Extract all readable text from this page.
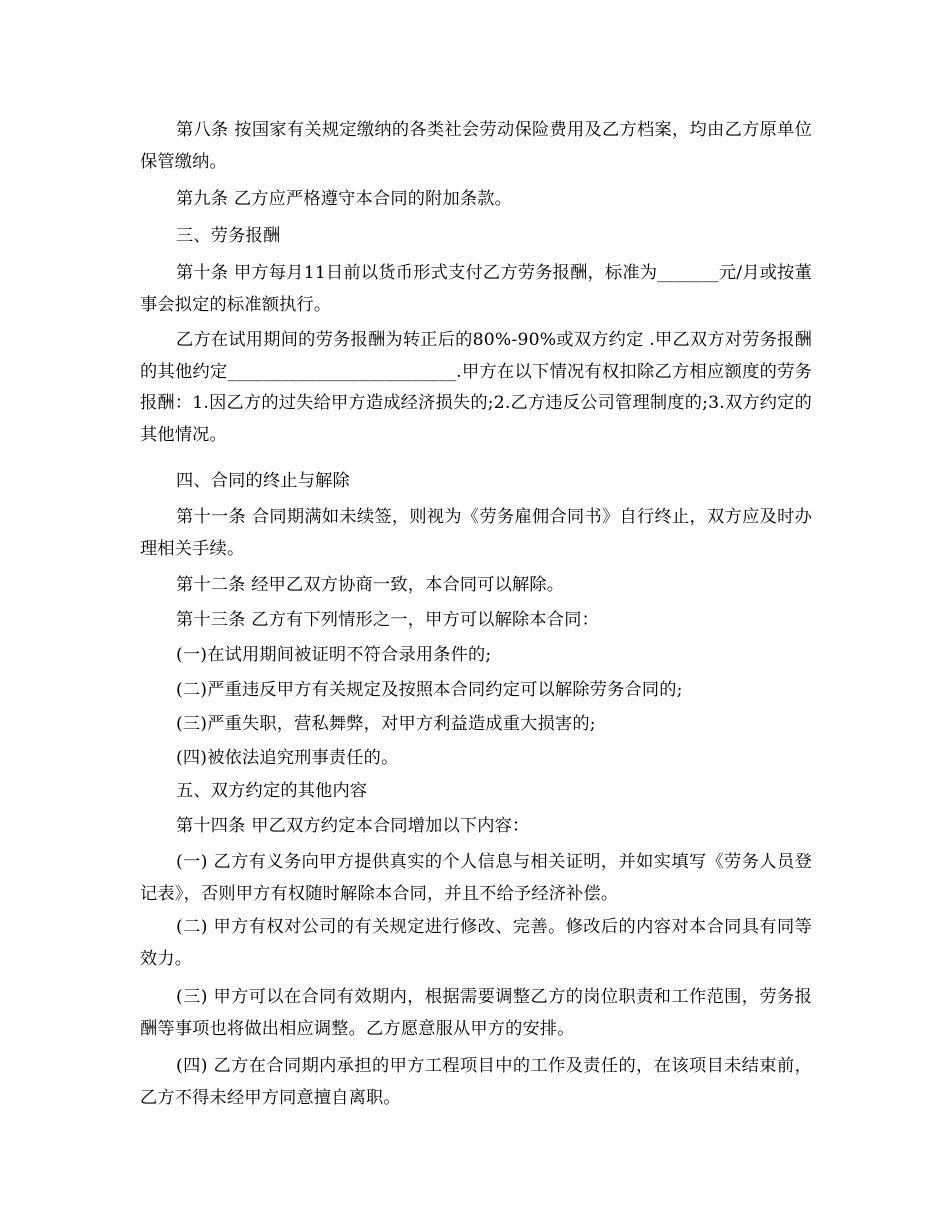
第八条 按国家有关规定缴纳的各类社会劳动保险费用及乙方档案，均由乙方原单位保管缴纳。
第九条 乙方应严格遵守本合同的附加条款。
三、劳务报酬
第十条 甲方每月11日前以货币形式支付乙方劳务报酬，标准为_______元/月或按董事会拟定的标准额执行。
乙方在试用期间的劳务报酬为转正后的80%-90%或双方约定 .甲乙双方对劳务报酬的其他约定__________________________.甲方在以下情况有权扣除乙方相应额度的劳务报酬：1.因乙方的过失给甲方造成经济损失的;2.乙方违反公司管理制度的;3.双方约定的其他情况。
四、合同的终止与解除
第十一条 合同期满如未续签，则视为《劳务雇佣合同书》自行终止，双方应及时办理相关手续。
第十二条 经甲乙双方协商一致，本合同可以解除。
第十三条 乙方有下列情形之一，甲方可以解除本合同：
(一)在试用期间被证明不符合录用条件的;
(二)严重违反甲方有关规定及按照本合同约定可以解除劳务合同的;
(三)严重失职，营私舞弊，对甲方利益造成重大损害的;
(四)被依法追究刑事责任的。
五、双方约定的其他内容
第十四条 甲乙双方约定本合同增加以下内容：
(一) 乙方有义务向甲方提供真实的个人信息与相关证明，并如实填写《劳务人员登记表》，否则甲方有权随时解除本合同，并且不给予经济补偿。
(二) 甲方有权对公司的有关规定进行修改、完善。修改后的内容对本合同具有同等效力。
(三) 甲方可以在合同有效期内，根据需要调整乙方的岗位职责和工作范围，劳务报酬等事项也将做出相应调整。乙方愿意服从甲方的安排。
(四) 乙方在合同期内承担的甲方工程项目中的工作及责任的，在该项目未结束前，乙方不得未经甲方同意擅自离职。
